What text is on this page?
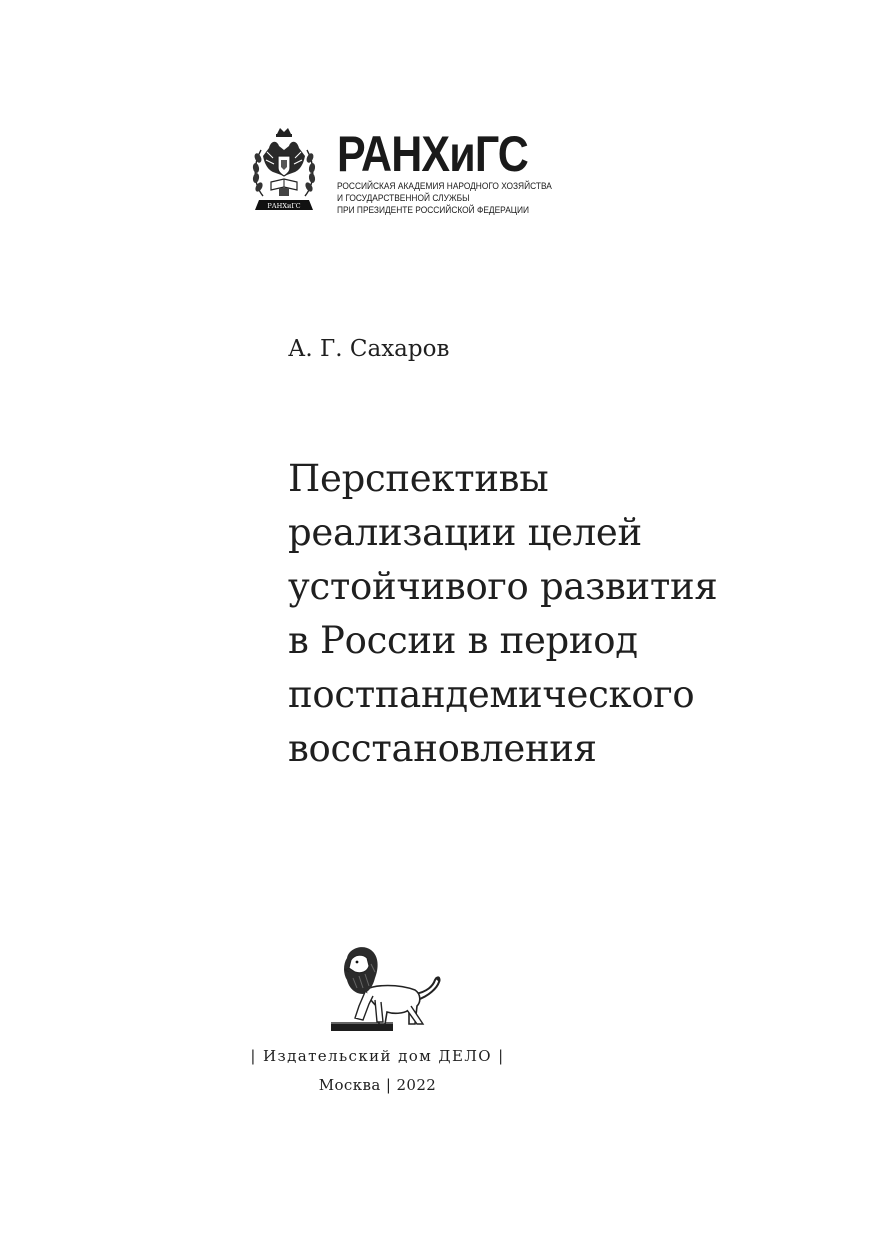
РАНХиГС
РАНХиГС
РОССИЙСКАЯ АКАДЕМИЯ НАРОДНОГО ХОЗЯЙСТВА
И ГОСУДАРСТВЕННОЙ СЛУЖБЫ
ПРИ ПРЕЗИДЕНТЕ РОССИЙСКОЙ ФЕДЕРАЦИИ
А. Г. Сахаров
Перспективы
реализации целей
устойчивого развития
в России в период
постпандемического
восстановления
| Издательский дом ДЕЛО |
Москва | 2022
